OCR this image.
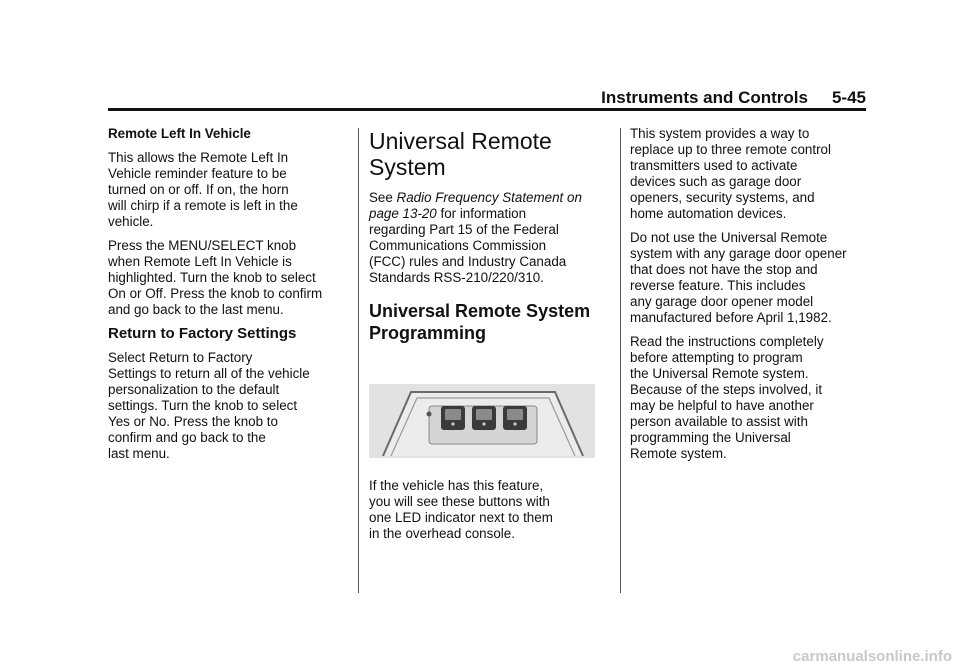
Instruments and Controls 5-45
Remote Left In Vehicle

This allows the Remote Left In
Vehicle reminder feature to be
turned on or off. If on, the horn
will chirp if a remote is left in the
vehicle.

Press the MENU/SELECT knob
when Remote Left In Vehicle is
highlighted. Turn the knob to select
On or Off. Press the knob to confirm
and go back to the last menu.

Return to Factory Settings

Select Return to Factory
Settings to return all of the vehicle
personalization to the default
settings. Turn the knob to select
Yes or No. Press the knob to
confirm and go back to the
last menu.

Universal Remote
System

See Radio Frequency Statement on
page 13-20 for information
regarding Part 15 of the Federal
Communications Commission
(FCC) rules and Industry Canada
Standards RSS-210/220/310.

Universal Remote System
Programming

If the vehicle has this feature,
you will see these buttons with
one LED indicator next to them
in the overhead console.

This system provides a way to
replace up to three remote control
transmitters used to activate
devices such as garage door
openers, security systems, and
home automation devices.

Do not use the Universal Remote
system with any garage door opener
that does not have the stop and
reverse feature. This includes
any garage door opener model
manufactured before April 1,1982.

Read the instructions completely
before attempting to program
the Universal Remote system.
Because of the steps involved, it
may be helpful to have another
person available to assist with
programming the Universal
Remote system.

carmanualsonline.info
